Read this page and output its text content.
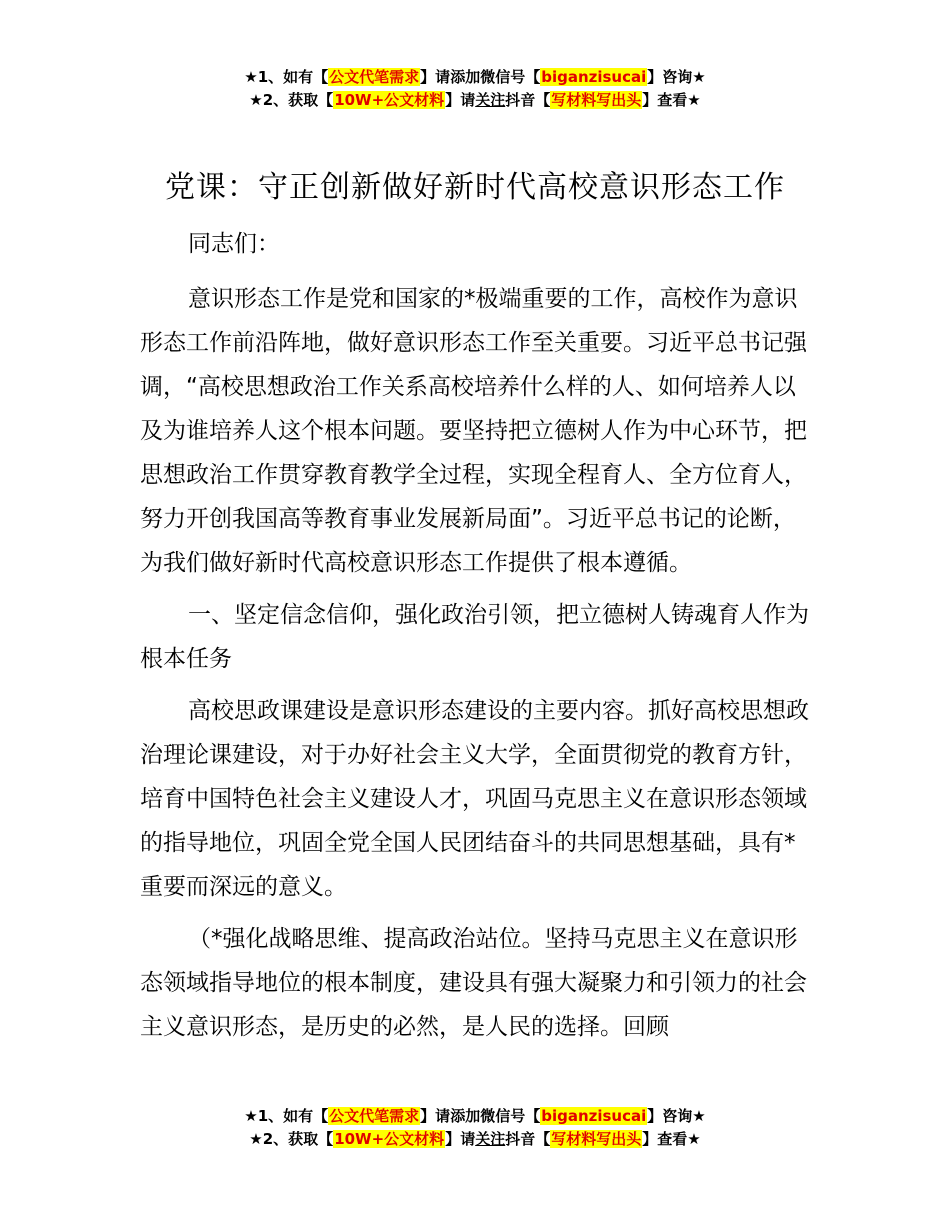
★1、如有【公文代笔需求】请添加微信号【biganzisucai】咨询★
★2、获取【10W+公文材料】请关注抖音【写材料写出头】查看★
党课：守正创新做好新时代高校意识形态工作

同志们：

意识形态工作是党和国家的*极端重要的工作，高校作为意识形态工作前沿阵地，做好意识形态工作至关重要。习近平总书记强调，“高校思想政治工作关系高校培养什么样的人、如何培养人以及为谁培养人这个根本问题。要坚持把立德树人作为中心环节，把思想政治工作贯穿教育教学全过程，实现全程育人、全方位育人，努力开创我国高等教育事业发展新局面”。习近平总书记的论断，为我们做好新时代高校意识形态工作提供了根本遵循。

一、坚定信念信仰，强化政治引领，把立德树人铸魂育人作为根本任务

高校思政课建设是意识形态建设的主要内容。抓好高校思想政治理论课建设，对于办好社会主义大学，全面贯彻党的教育方针，培育中国特色社会主义建设人才，巩固马克思主义在意识形态领域的指导地位，巩固全党全国人民团结奋斗的共同思想基础，具有*重要而深远的意义。

（*强化战略思维、提高政治站位。坚持马克思主义在意识形态领域指导地位的根本制度，建设具有强大凝聚力和引领力的社会主义意识形态，是历史的必然，是人民的选择。回顾

★1、如有【公文代笔需求】请添加微信号【biganzisucai】咨询★
★2、获取【10W+公文材料】请关注抖音【写材料写出头】查看★
